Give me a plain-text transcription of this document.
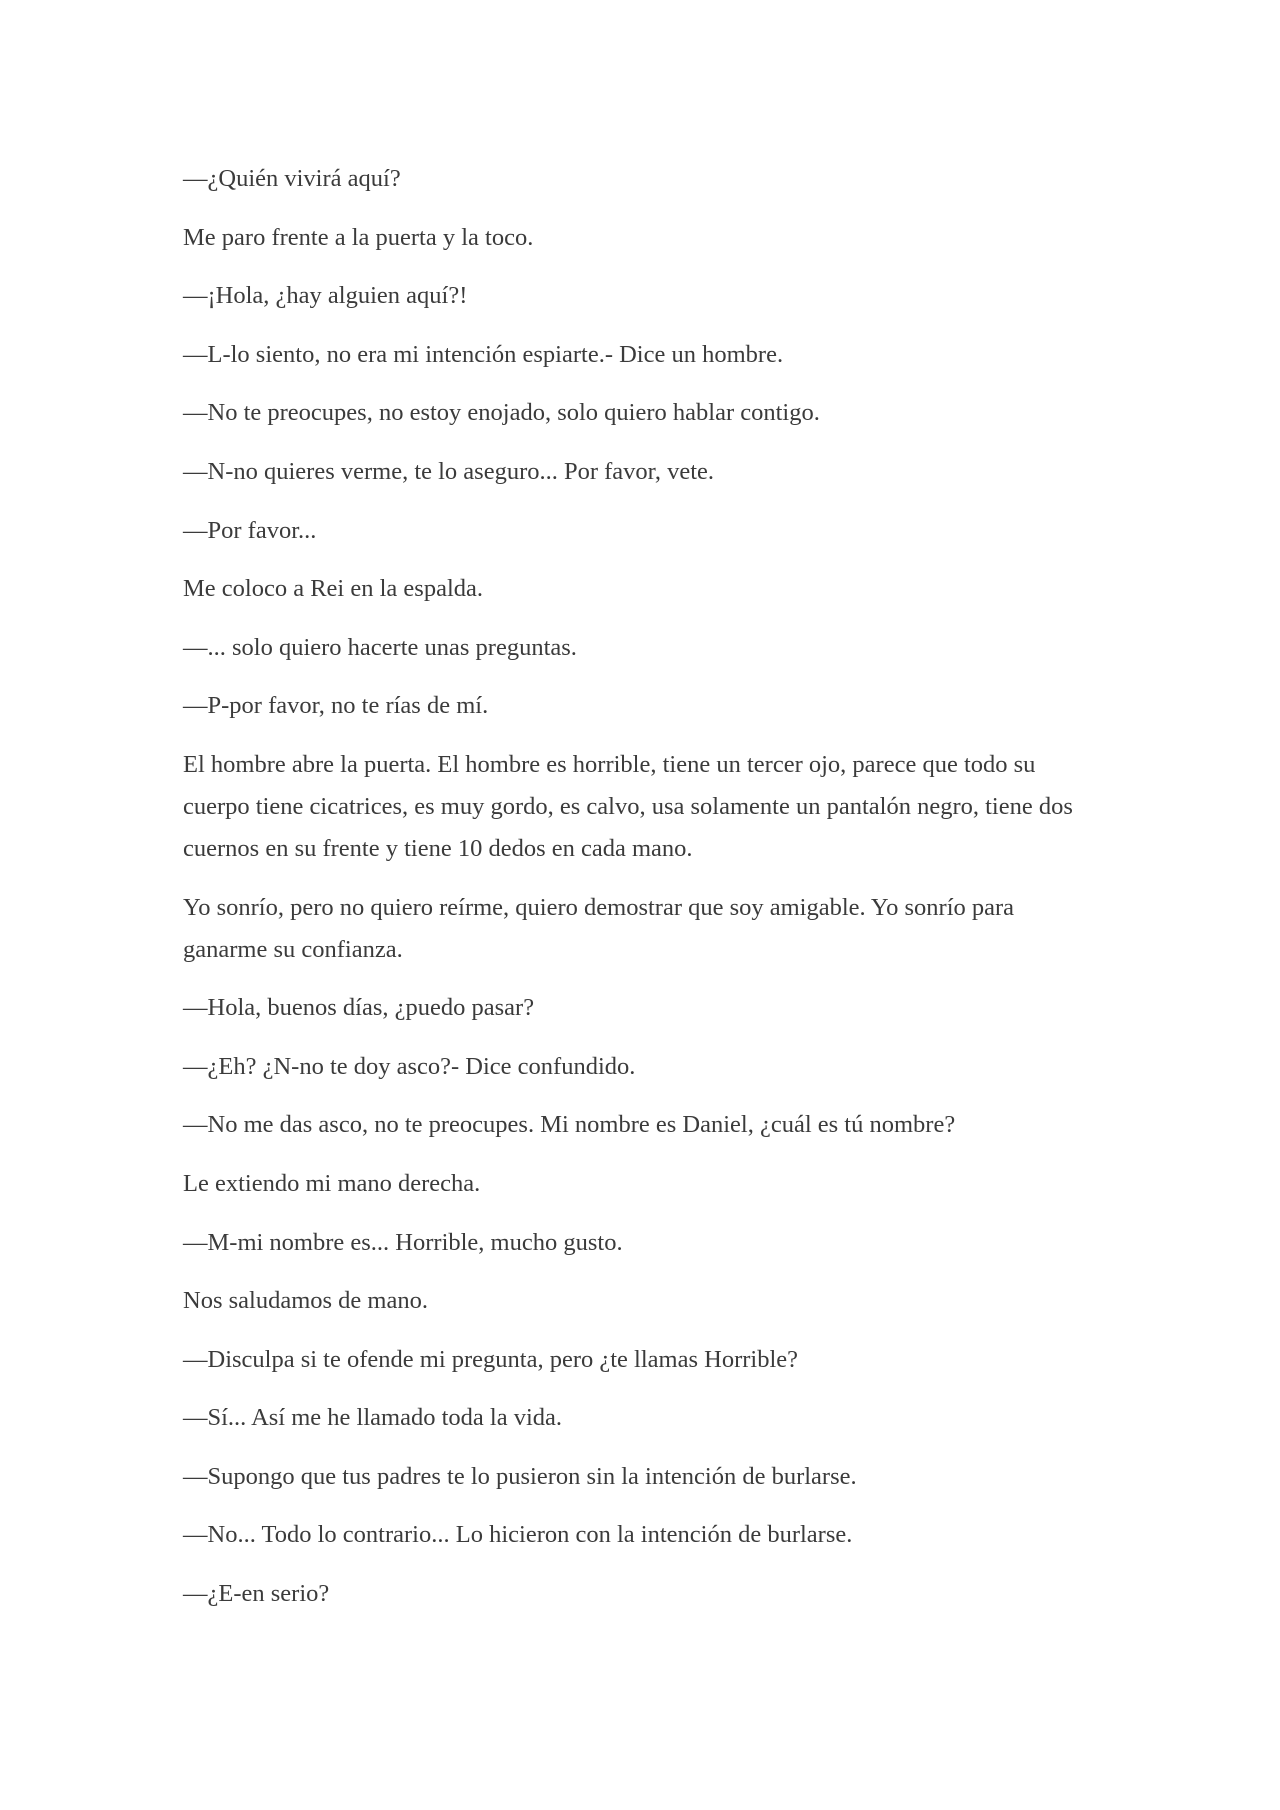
—¿Quién vivirá aquí?

Me paro frente a la puerta y la toco.

—¡Hola, ¿hay alguien aquí?!

—L-lo siento, no era mi intención espiarte.- Dice un hombre.

—No te preocupes, no estoy enojado, solo quiero hablar contigo.

—N-no quieres verme, te lo aseguro... Por favor, vete.

—Por favor...

Me coloco a Rei en la espalda.

—... solo quiero hacerte unas preguntas.

—P-por favor, no te rías de mí.

El hombre abre la puerta. El hombre es horrible, tiene un tercer ojo, parece que todo su cuerpo tiene cicatrices, es muy gordo, es calvo, usa solamente un pantalón negro, tiene dos cuernos en su frente y tiene 10 dedos en cada mano.

Yo sonrío, pero no quiero reírme, quiero demostrar que soy amigable. Yo sonrío para ganarme su confianza.

—Hola, buenos días, ¿puedo pasar?

—¿Eh? ¿N-no te doy asco?- Dice confundido.

—No me das asco, no te preocupes. Mi nombre es Daniel, ¿cuál es tú nombre?

Le extiendo mi mano derecha.

—M-mi nombre es... Horrible, mucho gusto.

Nos saludamos de mano.

—Disculpa si te ofende mi pregunta, pero ¿te llamas Horrible?

—Sí... Así me he llamado toda la vida.

—Supongo que tus padres te lo pusieron sin la intención de burlarse.

—No... Todo lo contrario... Lo hicieron con la intención de burlarse.

—¿E-en serio?
